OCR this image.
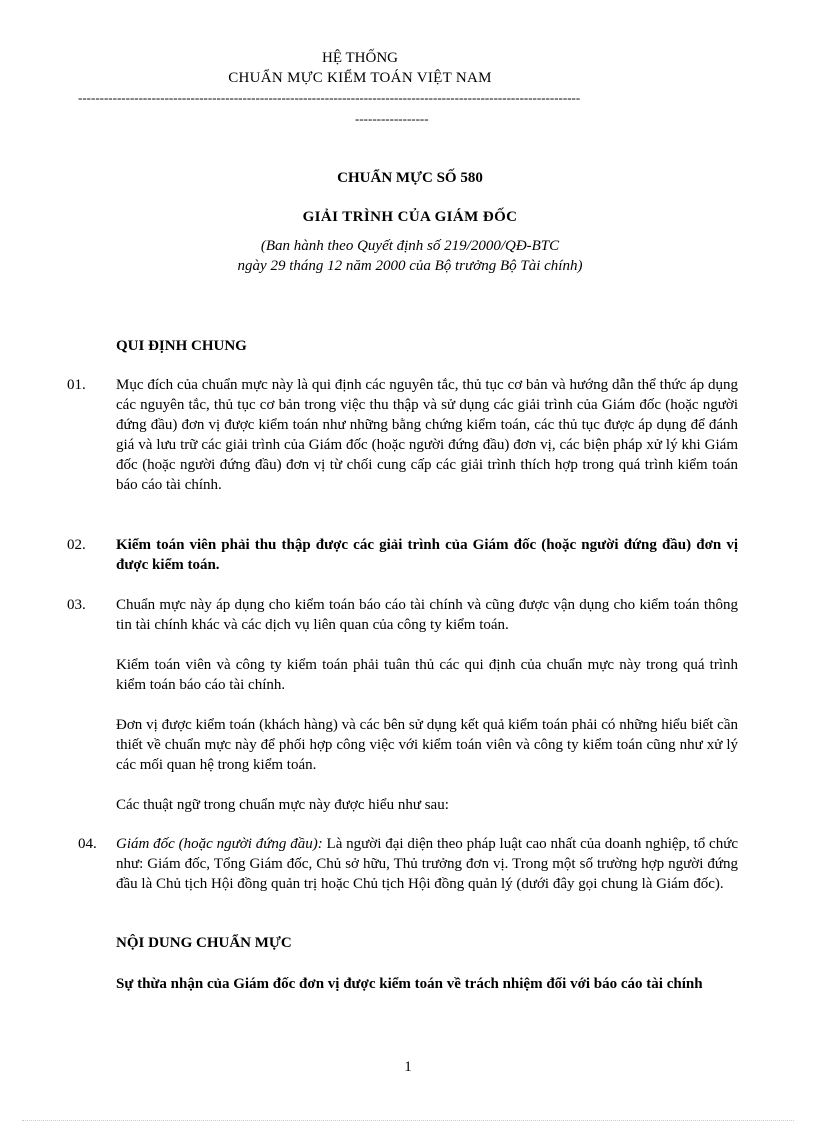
HỆ THỐNG
CHUẨN MỰC KIỂM TOÁN VIỆT NAM
--------------------------------------------------------------------------------------------------------------------
-----------------
CHUẨN MỰC SỐ 580
GIẢI TRÌNH CỦA GIÁM ĐỐC
(Ban hành theo Quyết định số 219/2000/QĐ-BTC
ngày 29 tháng 12 năm 2000 của Bộ trưởng Bộ Tài chính)
QUI ĐỊNH CHUNG
01. Mục đích của chuẩn mực này là qui định các nguyên tắc, thủ tục cơ bản và hướng dẫn thể thức áp dụng các nguyên tắc, thủ tục cơ bản trong việc thu thập và sử dụng các giải trình của Giám đốc (hoặc người đứng đầu) đơn vị được kiểm toán như những bằng chứng kiểm toán, các thủ tục được áp dụng để đánh giá và lưu trữ các giải trình của Giám đốc (hoặc người đứng đầu) đơn vị, các biện pháp xử lý khi Giám đốc (hoặc người đứng đầu) đơn vị từ chối cung cấp các giải trình thích hợp trong quá trình kiểm toán báo cáo tài chính.
02. Kiểm toán viên phải thu thập được các giải trình của Giám đốc (hoặc người đứng đầu) đơn vị được kiểm toán.
03. Chuẩn mực này áp dụng cho kiểm toán báo cáo tài chính và cũng được vận dụng cho kiểm toán thông tin tài chính khác và các dịch vụ liên quan của công ty kiểm toán.
Kiểm toán viên và công ty kiểm toán phải tuân thủ các qui định của chuẩn mực này trong quá trình kiểm toán báo cáo tài chính.
Đơn vị được kiểm toán (khách hàng) và các bên sử dụng kết quả kiểm toán phải có những hiểu biết cần thiết về chuẩn mực này để phối hợp công việc với kiểm toán viên và công ty kiểm toán cũng như xử lý các mối quan hệ trong kiểm toán.
Các thuật ngữ trong chuẩn mực này được hiểu như sau:
04. Giám đốc (hoặc người đứng đầu): Là người đại diện theo pháp luật cao nhất của doanh nghiệp, tổ chức như: Giám đốc, Tổng Giám đốc, Chủ sở hữu, Thủ trưởng đơn vị. Trong một số trường hợp người đứng đầu là Chủ tịch Hội đồng quản trị hoặc Chủ tịch Hội đồng quản lý (dưới đây gọi chung là Giám đốc).
NỘI DUNG CHUẨN MỰC
Sự thừa nhận của Giám đốc đơn vị được kiểm toán về trách nhiệm đối với báo cáo tài chính
1
